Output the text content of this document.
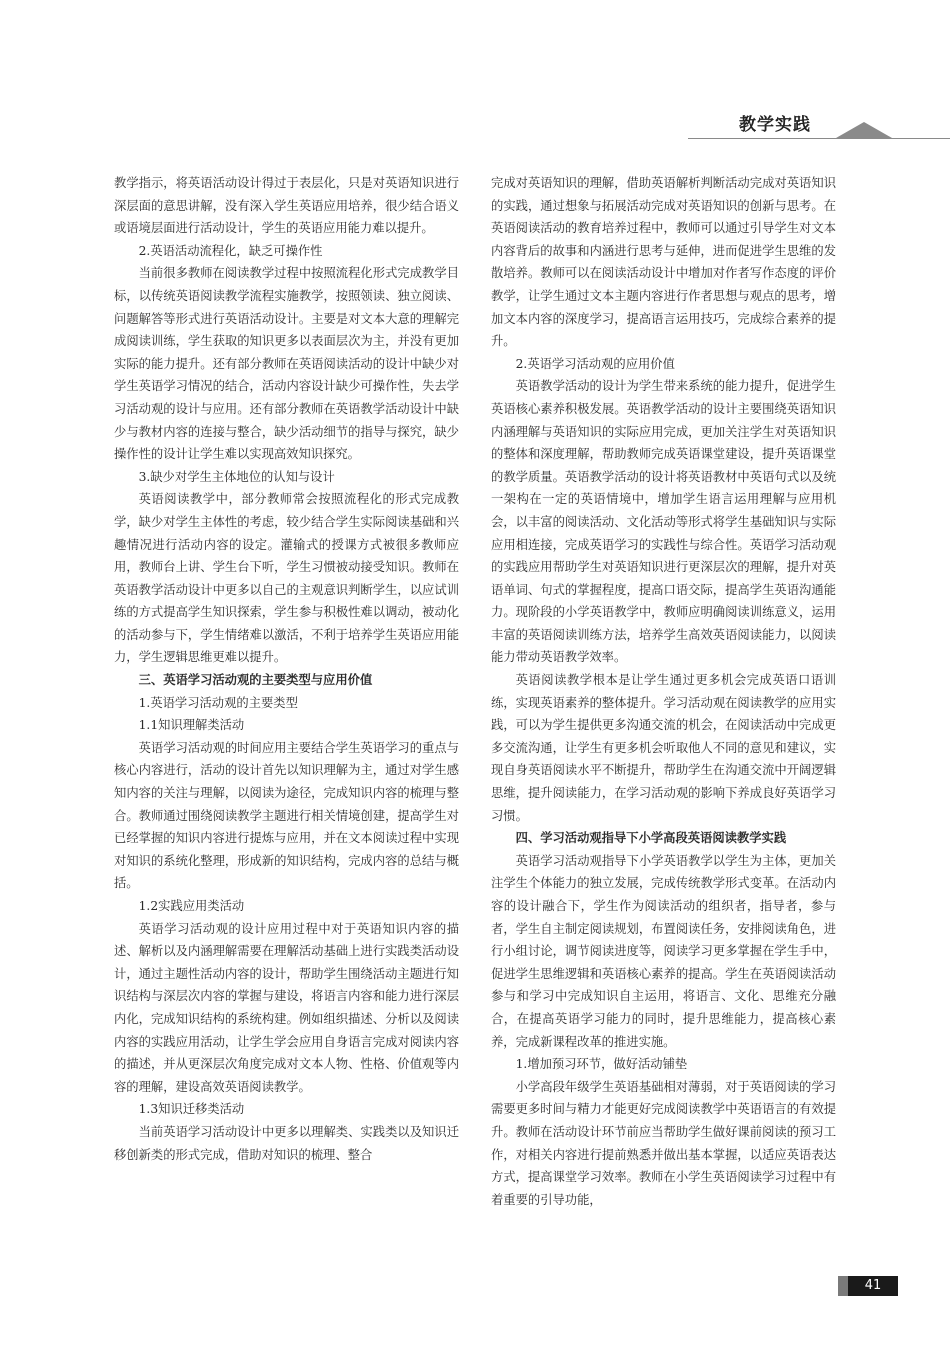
教学实践

教学指示，将英语活动设计得过于表层化，只是对英语知识进行深层面的意思讲解，没有深入学生英语应用培养，很少结合语义或语境层面进行活动设计，学生的英语应用能力难以提升。

2.英语活动流程化，缺乏可操作性

当前很多教师在阅读教学过程中按照流程化形式完成教学目标，以传统英语阅读教学流程实施教学，按照领读、独立阅读、问题解答等形式进行英语活动设计。主要是对文本大意的理解完成阅读训练，学生获取的知识更多以表面层次为主，并没有更加实际的能力提升。还有部分教师在英语阅读活动的设计中缺少对学生英语学习情况的结合，活动内容设计缺少可操作性，失去学习活动观的设计与应用。还有部分教师在英语教学活动设计中缺少与教材内容的连接与整合，缺少活动细节的指导与探究，缺少操作性的设计让学生难以实现高效知识探究。

3.缺少对学生主体地位的认知与设计

英语阅读教学中，部分教师常会按照流程化的形式完成教学，缺少对学生主体性的考虑，较少结合学生实际阅读基础和兴趣情况进行活动内容的设定。灌输式的授课方式被很多教师应用，教师台上讲、学生台下听，学生习惯被动接受知识。教师在英语教学活动设计中更多以自己的主观意识判断学生，以应试训练的方式提高学生知识探索，学生参与积极性难以调动，被动化的活动参与下，学生情绪难以激活，不利于培养学生英语应用能力，学生逻辑思维更难以提升。

三、英语学习活动观的主要类型与应用价值

1.英语学习活动观的主要类型

1.1知识理解类活动

英语学习活动观的时间应用主要结合学生英语学习的重点与核心内容进行，活动的设计首先以知识理解为主，通过对学生感知内容的关注与理解，以阅读为途径，完成知识内容的梳理与整合。教师通过围绕阅读教学主题进行相关情境创建，提高学生对已经掌握的知识内容进行提炼与应用，并在文本阅读过程中实现对知识的系统化整理，形成新的知识结构，完成内容的总结与概括。

1.2实践应用类活动

英语学习活动观的设计应用过程中对于英语知识内容的描述、解析以及内涵理解需要在理解活动基础上进行实践类活动设计，通过主题性活动内容的设计，帮助学生围绕活动主题进行知识结构与深层次内容的掌握与建设，将语言内容和能力进行深层内化，完成知识结构的系统构建。例如组织描述、分析以及阅读内容的实践应用活动，让学生学会应用自身语言完成对阅读内容的描述，并从更深层次角度完成对文本人物、性格、价值观等内容的理解，建设高效英语阅读教学。

1.3知识迁移类活动

当前英语学习活动设计中更多以理解类、实践类以及知识迁移创新类的形式完成，借助对知识的梳理、整合

完成对英语知识的理解，借助英语解析判断活动完成对英语知识的实践，通过想象与拓展活动完成对英语知识的创新与思考。在英语阅读活动的教育培养过程中，教师可以通过引导学生对文本内容背后的故事和内涵进行思考与延伸，进而促进学生思维的发散培养。教师可以在阅读活动设计中增加对作者写作态度的评价教学，让学生通过文本主题内容进行作者思想与观点的思考，增加文本内容的深度学习，提高语言运用技巧，完成综合素养的提升。

2.英语学习活动观的应用价值

英语教学活动的设计为学生带来系统的能力提升，促进学生英语核心素养积极发展。英语教学活动的设计主要围绕英语知识内涵理解与英语知识的实际应用完成，更加关注学生对英语知识的整体和深度理解，帮助教师完成英语课堂建设，提升英语课堂的教学质量。英语教学活动的设计将英语教材中英语句式以及统一架构在一定的英语情境中，增加学生语言运用理解与应用机会，以丰富的阅读活动、文化活动等形式将学生基础知识与实际应用相连接，完成英语学习的实践性与综合性。英语学习活动观的实践应用帮助学生对英语知识进行更深层次的理解，提升对英语单词、句式的掌握程度，提高口语交际，提高学生英语沟通能力。现阶段的小学英语教学中，教师应明确阅读训练意义，运用丰富的英语阅读训练方法，培养学生高效英语阅读能力，以阅读能力带动英语教学效率。

英语阅读教学根本是让学生通过更多机会完成英语口语训练，实现英语素养的整体提升。学习活动观在阅读教学的应用实践，可以为学生提供更多沟通交流的机会，在阅读活动中完成更多交流沟通，让学生有更多机会听取他人不同的意见和建议，实现自身英语阅读水平不断提升，帮助学生在沟通交流中开阔逻辑思维，提升阅读能力，在学习活动观的影响下养成良好英语学习习惯。

四、学习活动观指导下小学高段英语阅读教学实践

英语学习活动观指导下小学英语教学以学生为主体，更加关注学生个体能力的独立发展，完成传统教学形式变革。在活动内容的设计融合下，学生作为阅读活动的组织者，指导者，参与者，学生自主制定阅读规划，布置阅读任务，安排阅读角色，进行小组讨论，调节阅读进度等，阅读学习更多掌握在学生手中，促进学生思维逻辑和英语核心素养的提高。学生在英语阅读活动参与和学习中完成知识自主运用，将语言、文化、思维充分融合，在提高英语学习能力的同时，提升思维能力，提高核心素养，完成新课程改革的推进实施。

1.增加预习环节，做好活动铺垫

小学高段年级学生英语基础相对薄弱，对于英语阅读的学习需要更多时间与精力才能更好完成阅读教学中英语语言的有效提升。教师在活动设计环节前应当帮助学生做好课前阅读的预习工作，对相关内容进行提前熟悉并做出基本掌握，以适应英语表达方式，提高课堂学习效率。教师在小学生英语阅读学习过程中有着重要的引导功能，

41
